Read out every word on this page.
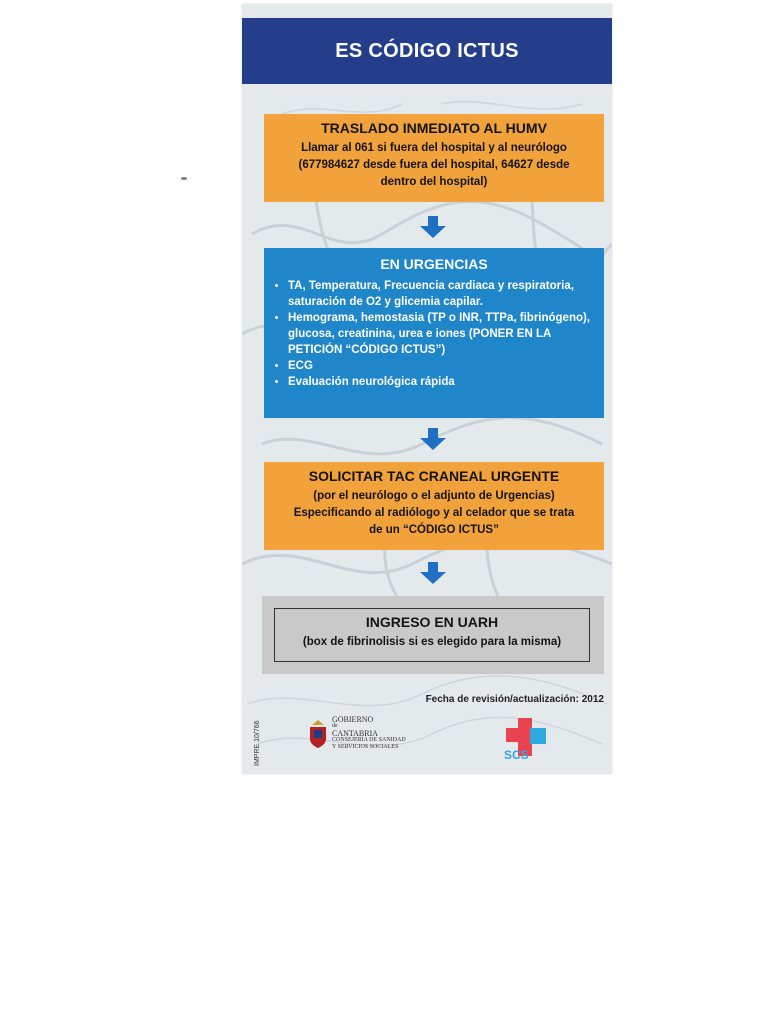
ES CÓDIGO ICTUS
TRASLADO INMEDIATO AL HUMV
Llamar al 061 si fuera del hospital y al neurólogo
(677984627 desde fuera del hospital, 64627 desde
dentro del hospital)
EN URGENCIAS
• TA, Temperatura, Frecuencia cardiaca y respiratoria, saturación de O2 y glicemia capilar.
• Hemograma, hemostasia (TP o INR, TTPa, fibrinógeno), glucosa, creatinina, urea e iones (PONER EN LA PETICIÓN “CÓDIGO ICTUS”)
• ECG
• Evaluación neurológica rápida
SOLICITAR TAC CRANEAL URGENTE
(por el neurólogo o el adjunto de Urgencias)
Especificando al radiólogo y al celador que se trata
de un “CÓDIGO ICTUS”
INGRESO EN UARH
(box de fibrinolisis si es elegido para la misma)
Fecha de revisión/actualización: 2012
IMPRE 10/766
GOBIERNO
de
CANTABRIA
CONSEJERÍA DE SANIDAD
Y SERVICIOS SOCIALES
SCS
